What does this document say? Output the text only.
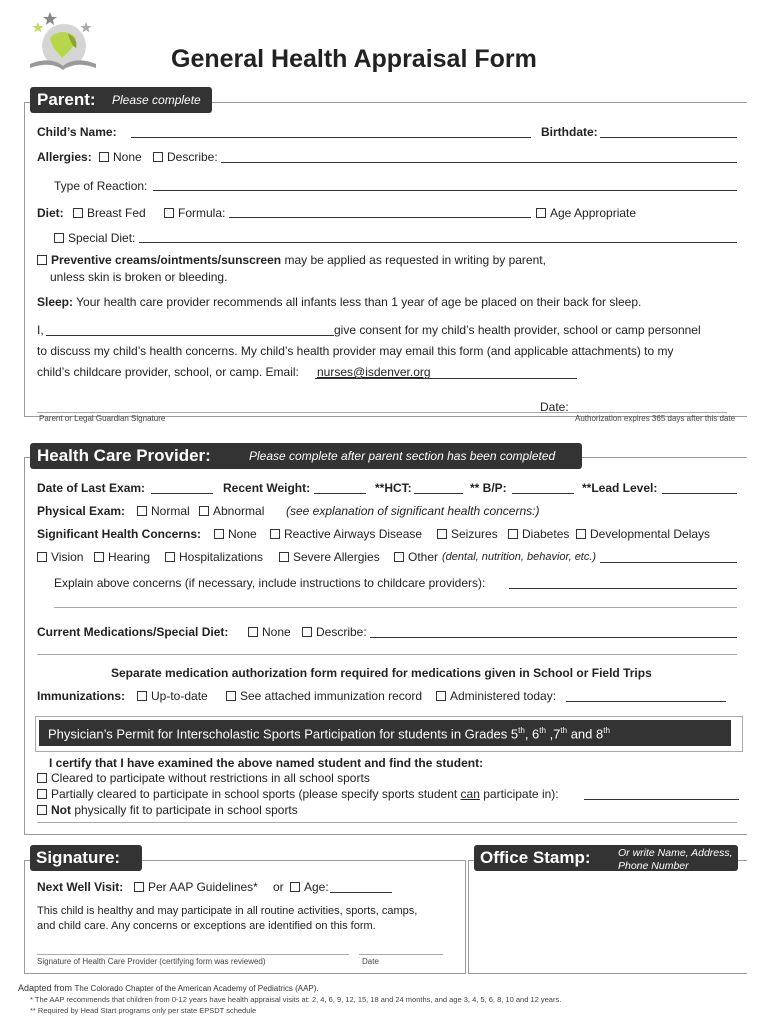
General Health Appraisal Form
Parent: Please complete
Child’s Name:	Birthdate:
Allergies:	None	Describe:
Type of Reaction:
Diet:	Breast Fed	Formula:	Age Appropriate
Special Diet:
Preventive creams/ointments/sunscreen may be applied as requested in writing by parent,
unless skin is broken or bleeding.
Sleep: Your health care provider recommends all infants less than 1 year of age be placed on their back for sleep.
I,	give consent for my child’s health provider, school or camp personnel
to discuss my child’s health concerns. My child’s health provider may email this form (and applicable attachments) to my
child’s childcare provider, school, or camp. Email: nurses@isdenver.org
Date:
Parent or Legal Guardian Signature	Authorization expires 365 days after this date
Health Care Provider:	Please complete after parent section has been completed
Date of Last Exam:	Recent Weight:	**HCT:	** B/P:	**Lead Level:
Physical Exam:	Normal	Abnormal (see explanation of significant health concerns:)
Significant Health Concerns:	None	Reactive Airways Disease	Seizures	Diabetes	Developmental Delays
Vision	Hearing	Hospitalizations	Severe Allergies	Other (dental, nutrition, behavior, etc.)
Explain above concerns (if necessary, include instructions to childcare providers):
Current Medications/Special Diet:	None	Describe:
Separate medication authorization form required for medications given in School or Field Trips
Immunizations:	Up-to-date	See attached immunization record	Administered today:
Physician’s Permit for Interscholastic Sports Participation for students in Grades 5th, 6th ,7th and 8th
I certify that I have examined the above named student and find the student:
Cleared to participate without restrictions in all school sports
Partially cleared to participate in school sports (please specify sports student can participate in):
Not physically fit to participate in school sports
Signature:
Next Well Visit:	Per AAP Guidelines* or	Age:
This child is healthy and may participate in all routine activities, sports, camps,
and child care. Any concerns or exceptions are identified on this form.
Signature of Health Care Provider (certifying form was reviewed)	Date
Office Stamp:	Or write Name, Address,
Phone Number
Adapted from The Colorado Chapter of the American Academy of Pediatrics (AAP).
* The AAP recommends that children from 0-12 years have health appraisal visits at: 2, 4, 6, 9, 12, 15, 18 and 24 months, and age 3, 4, 5, 6, 8, 10 and 12 years.
** Required by Head Start programs only per state EPSDT schedule
